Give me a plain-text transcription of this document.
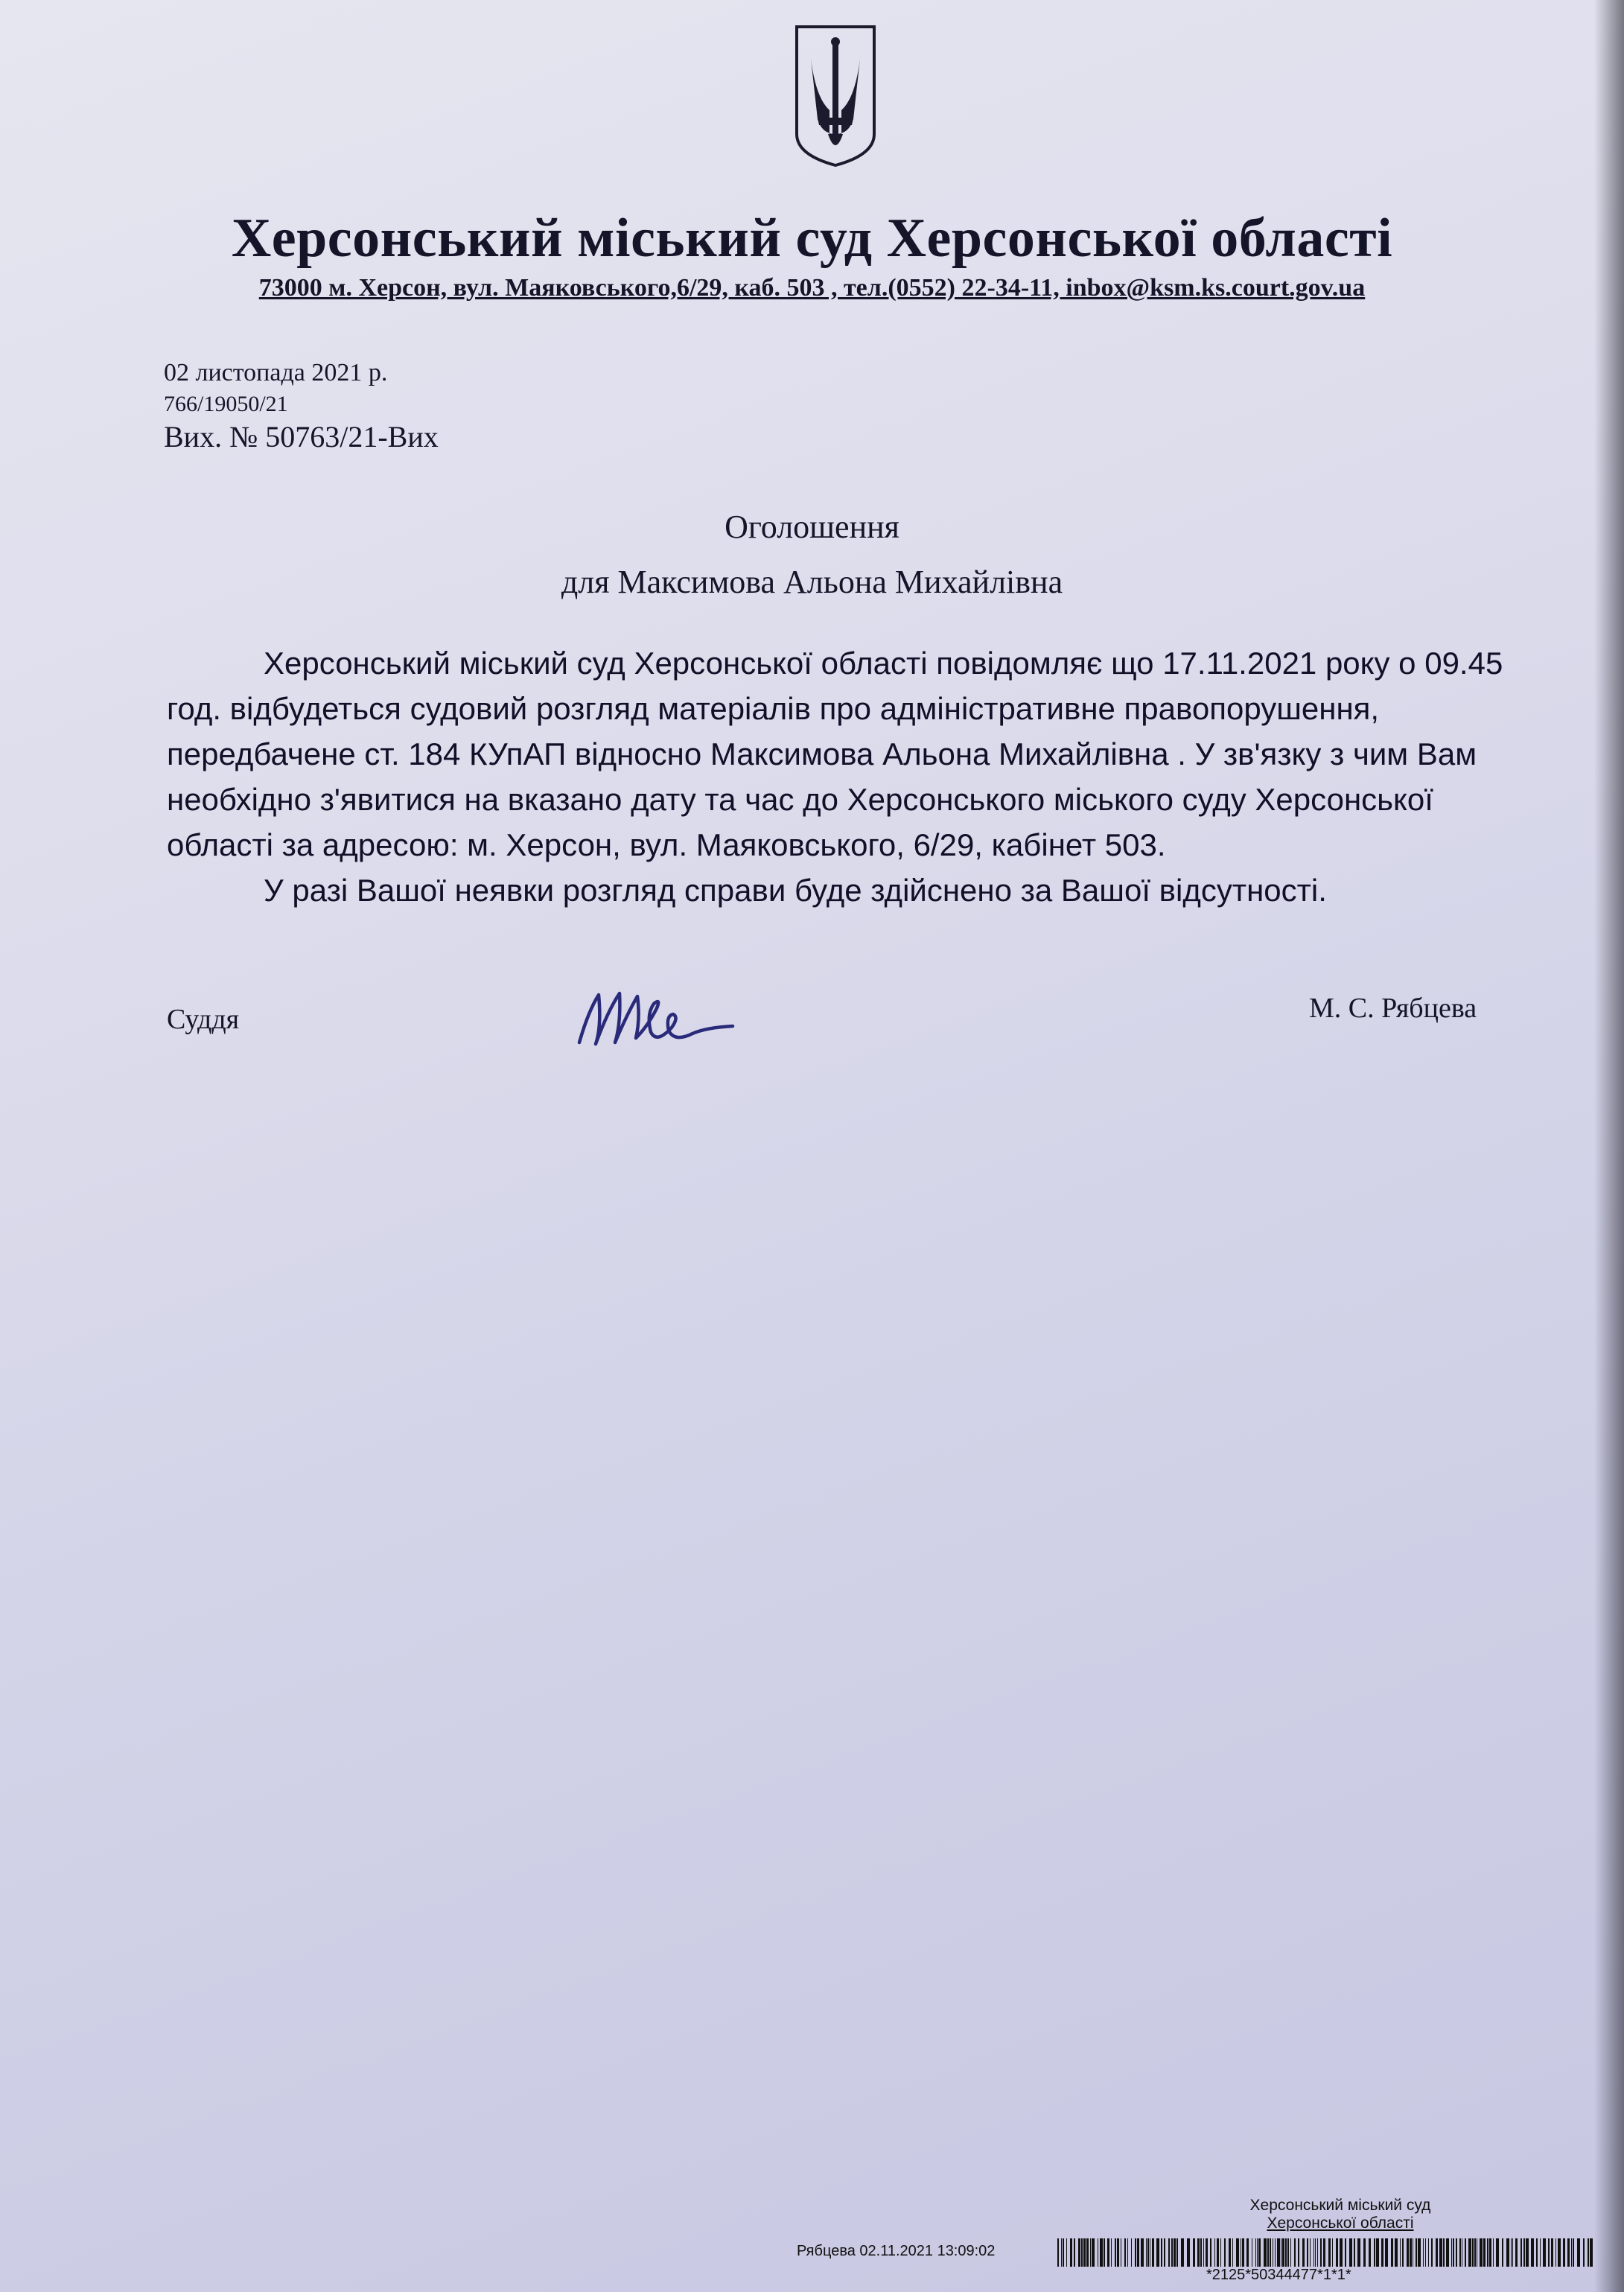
Херсонський міський суд Херсонської області
73000 м. Херсон, вул. Маяковського,6/29, каб. 503 , тел.(0552) 22-34-11, inbox@ksm.ks.court.gov.ua
02 листопада 2021 р.
766/19050/21
Вих. № 50763/21-Вих
Оголошення
для Максимова Альона Михайлівна

Херсонський міський суд Херсонської області повідомляє що 17.11.2021 року о 09.45 год. відбудеться судовий розгляд матеріалів про адміністративне правопорушення, передбачене ст. 184 КУпАП відносно Максимова Альона Михайлівна . У зв'язку з чим Вам необхідно з'явитися на вказано дату та час до Херсонського міського суду Херсонської області за адресою: м. Херсон, вул. Маяковського, 6/29, кабінет 503.

У разі Вашої неявки розгляд справи буде здійснено за Вашої відсутності.

Суддя	М. С. Рябцева
Херсонський міський суд
Херсонської області
Рябцева 02.11.2021 13:09:02
*2125*50344477*1*1*
